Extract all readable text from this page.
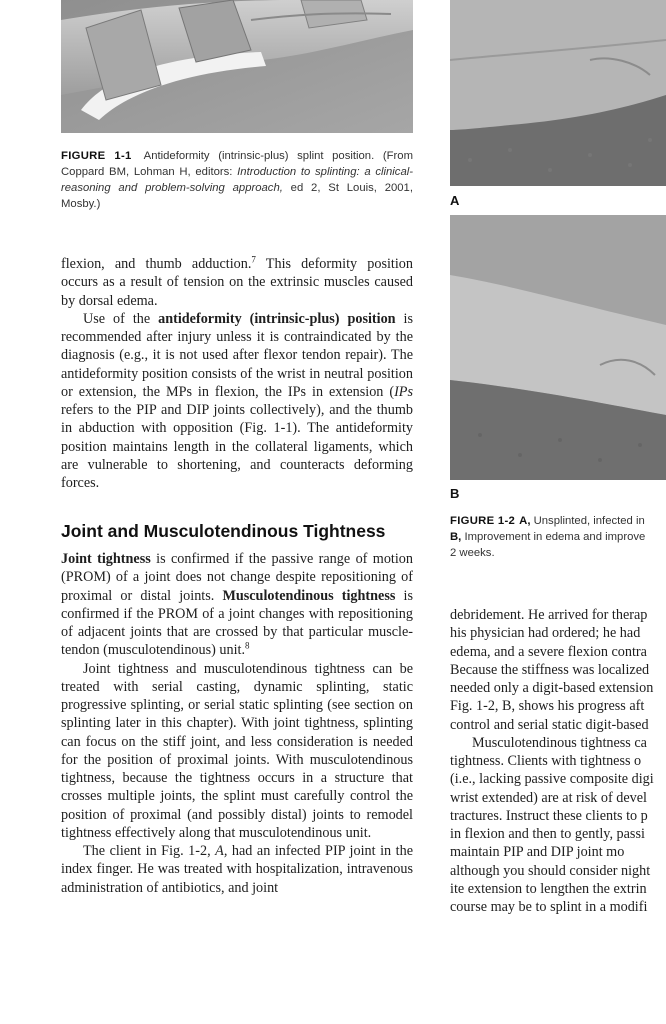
FIGURE 1-1 Antideformity (intrinsic-plus) splint position. (From Coppard BM, Lohman H, editors: Introduction to splinting: a clinical-reasoning and problem-solving approach, ed 2, St Louis, 2001, Mosby.)

flexion, and thumb adduction.$^7$ This deformity position occurs as a result of tension on the extrinsic muscles caused by dorsal edema.

Use of the antideformity (intrinsic-plus) position is recommended after injury unless it is contraindicated by the diagnosis (e.g., it is not used after flexor tendon repair). The antideformity position consists of the wrist in neutral position or extension, the MPs in flexion, the IPs in extension (IPs refers to the PIP and DIP joints collectively), and the thumb in abduction with opposition (Fig. 1-1). The antideformity position maintains length in the collateral ligaments, which are vulnerable to shortening, and counteracts deforming forces.

Joint and Musculotendinous Tightness

Joint tightness is confirmed if the passive range of motion (PROM) of a joint does not change despite repositioning of proximal or distal joints. Musculotendinous tightness is confirmed if the PROM of a joint changes with repositioning of adjacent joints that are crossed by that particular muscle-tendon (musculotendinous) unit.$^8$

Joint tightness and musculotendinous tightness can be treated with serial casting, dynamic splinting, static progressive splinting, or serial static splinting (see section on splinting later in this chapter). With joint tightness, splinting can focus on the stiff joint, and less consideration is needed for the position of proximal joints. With musculotendinous tightness, because the tightness occurs in a structure that crosses multiple joints, the splint must carefully control the position of proximal (and possibly distal) joints to remodel tightness effectively along that musculotendinous unit.

The client in Fig. 1-2, A, had an infected PIP joint in the index finger. He was treated with hospitalization, intravenous administration of antibiotics, and joint

A
B
FIGURE 1-2 A, Unsplinted, infected in
B, Improvement in edema and improve
2 weeks.

debridement. He arrived for therap

his physician had ordered; he had

edema, and a severe flexion contra

Because the stiffness was localized

needed only a digit-based extension

Fig. 1-2, B, shows his progress aft

control and serial static digit-based

Musculotendinous tightness ca

tightness. Clients with tightness o

(i.e., lacking passive composite digi

wrist extended) are at risk of devel

tractures. Instruct these clients to p

in flexion and then to gently, passi

maintain PIP and DIP joint mo

although you should consider night

ite extension to lengthen the extrin

course may be to splint in a modifi
